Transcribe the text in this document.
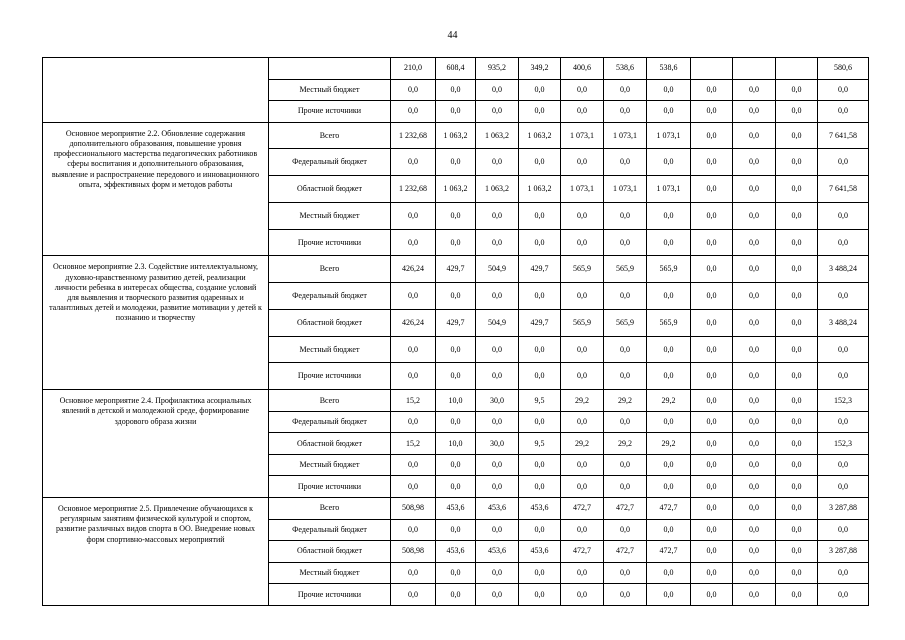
44
		210,0	608,4	935,2	349,2	400,6	538,6	538,6				580,6
	Местный бюджет	0,0	0,0	0,0	0,0	0,0	0,0	0,0	0,0	0,0	0,0	0,0
	Прочие источники	0,0	0,0	0,0	0,0	0,0	0,0	0,0	0,0	0,0	0,0	0,0
Основное мероприятие 2.2. Обновление содержания дополнительного образования, повышение уровня профессионального мастерства педагогических работников сферы воспитания и дополнительного образования, выявление и распространение передового и инновационного опыта, эффективных форм и методов работы	Всего	1 232,68	1 063,2	1 063,2	1 063,2	1 073,1	1 073,1	1 073,1	0,0	0,0	0,0	7 641,58
	Федеральный бюджет	0,0	0,0	0,0	0,0	0,0	0,0	0,0	0,0	0,0	0,0	0,0
	Областной бюджет	1 232,68	1 063,2	1 063,2	1 063,2	1 073,1	1 073,1	1 073,1	0,0	0,0	0,0	7 641,58
	Местный бюджет	0,0	0,0	0,0	0,0	0,0	0,0	0,0	0,0	0,0	0,0	0,0
	Прочие источники	0,0	0,0	0,0	0,0	0,0	0,0	0,0	0,0	0,0	0,0	0,0
Основное мероприятие 2.3. Содействие интеллектуальному, духовно-нравственному развитию детей, реализации личности ребенка в интересах общества, создание условий для выявления и творческого развития одаренных и талантливых детей и молодежи, развитие мотивации у детей к познанию и творчеству	Всего	426,24	429,7	504,9	429,7	565,9	565,9	565,9	0,0	0,0	0,0	3 488,24
	Федеральный бюджет	0,0	0,0	0,0	0,0	0,0	0,0	0,0	0,0	0,0	0,0	0,0
	Областной бюджет	426,24	429,7	504,9	429,7	565,9	565,9	565,9	0,0	0,0	0,0	3 488,24
	Местный бюджет	0,0	0,0	0,0	0,0	0,0	0,0	0,0	0,0	0,0	0,0	0,0
	Прочие источники	0,0	0,0	0,0	0,0	0,0	0,0	0,0	0,0	0,0	0,0	0,0
Основное мероприятие 2.4. Профилактика асоциальных явлений в детской и молодежной среде, формирование здорового образа жизни	Всего	15,2	10,0	30,0	9,5	29,2	29,2	29,2	0,0	0,0	0,0	152,3
	Федеральный бюджет	0,0	0,0	0,0	0,0	0,0	0,0	0,0	0,0	0,0	0,0	0,0
	Областной бюджет	15,2	10,0	30,0	9,5	29,2	29,2	29,2	0,0	0,0	0,0	152,3
	Местный бюджет	0,0	0,0	0,0	0,0	0,0	0,0	0,0	0,0	0,0	0,0	0,0
	Прочие источники	0,0	0,0	0,0	0,0	0,0	0,0	0,0	0,0	0,0	0,0	0,0
Основное мероприятие 2.5. Привлечение обучающихся к регулярным занятиям физической культурой и спортом, развитие различных видов спорта в ОО. Внедрение новых форм спортивно-массовых мероприятий	Всего	508,98	453,6	453,6	453,6	472,7	472,7	472,7	0,0	0,0	0,0	3 287,88
	Федеральный бюджет	0,0	0,0	0,0	0,0	0,0	0,0	0,0	0,0	0,0	0,0	0,0
	Областной бюджет	508,98	453,6	453,6	453,6	472,7	472,7	472,7	0,0	0,0	0,0	3 287,88
	Местный бюджет	0,0	0,0	0,0	0,0	0,0	0,0	0,0	0,0	0,0	0,0	0,0
	Прочие источники	0,0	0,0	0,0	0,0	0,0	0,0	0,0	0,0	0,0	0,0	0,0
